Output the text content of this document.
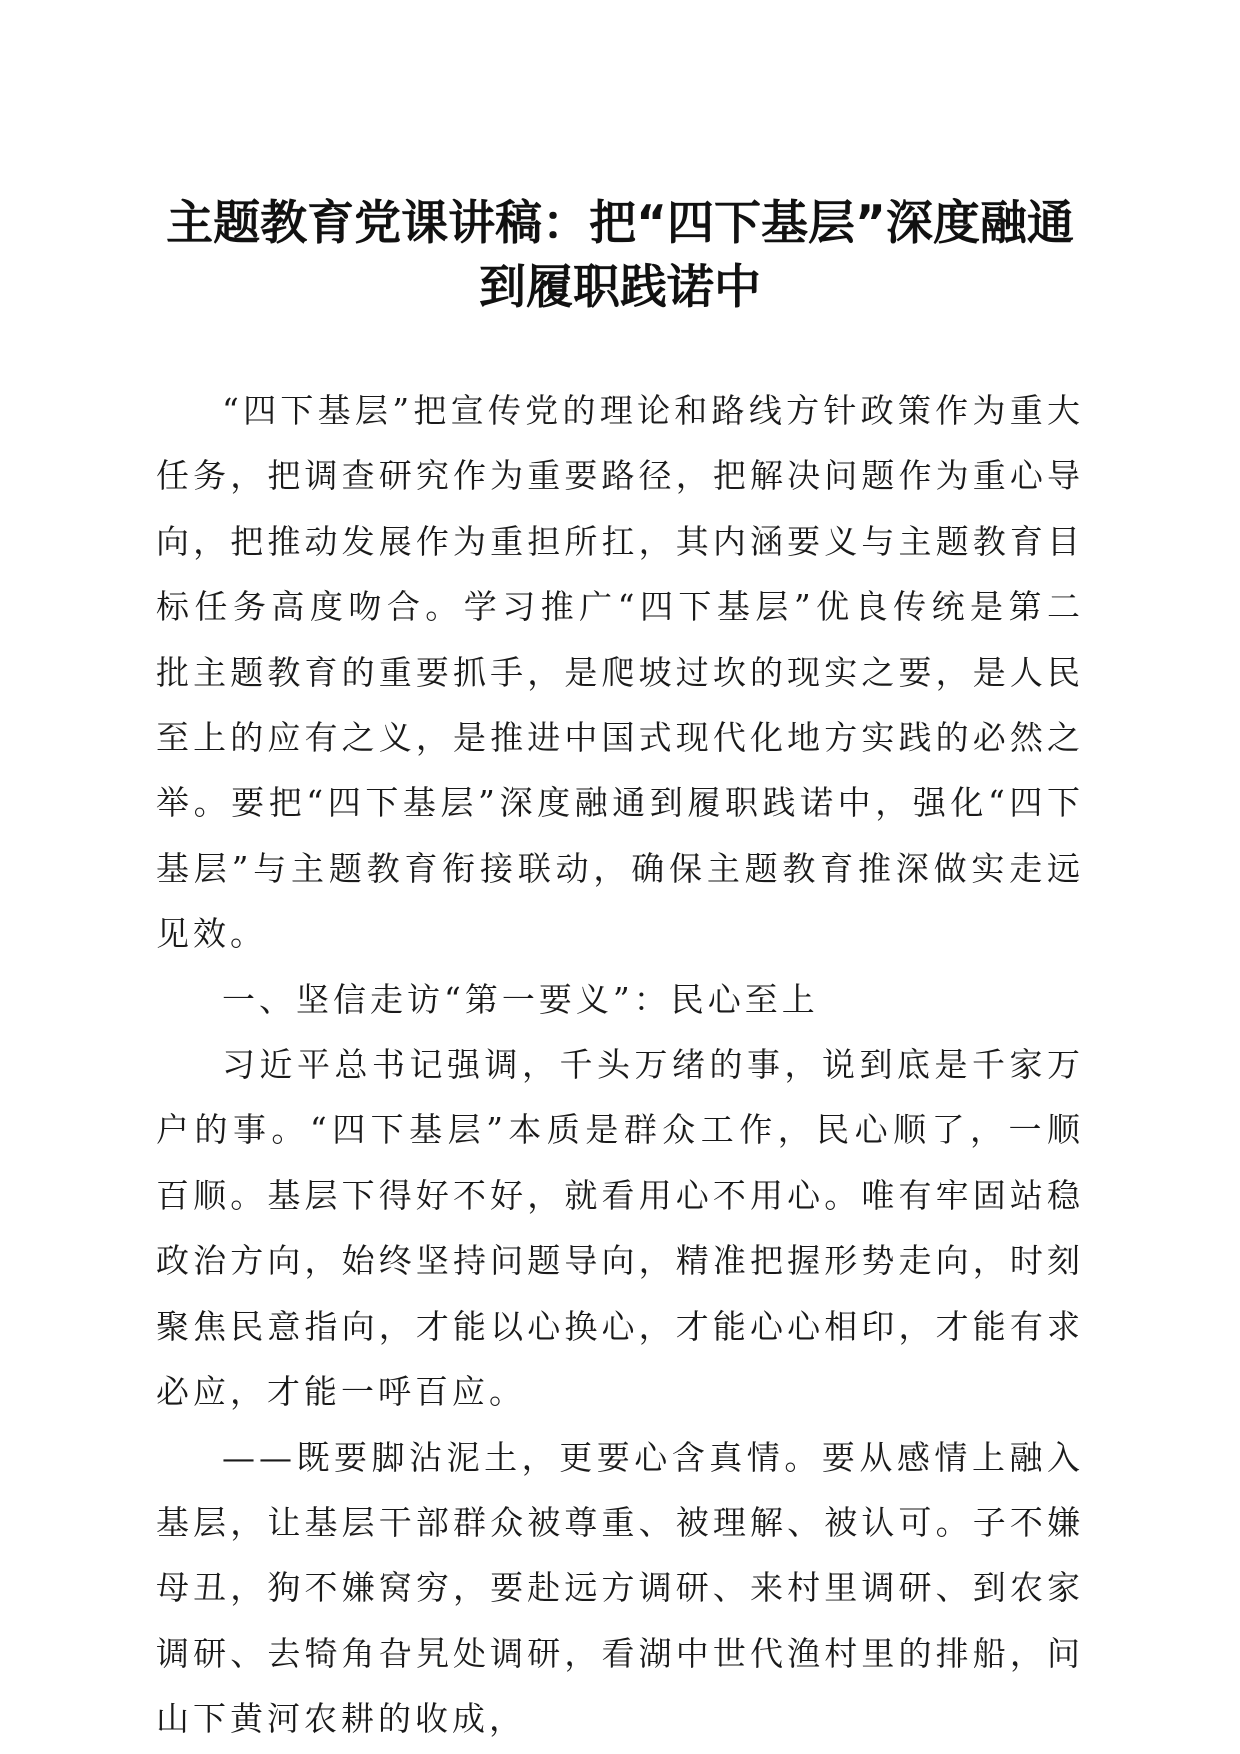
主题教育党课讲稿：把“四下基层”深度融通
到履职践诺中

“四下基层”把宣传党的理论和路线方针政策作为重大任务，把调查研究作为重要路径，把解决问题作为重心导向，把推动发展作为重担所扛，其内涵要义与主题教育目标任务高度吻合。学习推广“四下基层”优良传统是第二批主题教育的重要抓手，是爬坡过坎的现实之要，是人民至上的应有之义，是推进中国式现代化地方实践的必然之举。要把“四下基层”深度融通到履职践诺中，强化“四下基层”与主题教育衔接联动，确保主题教育推深做实走远见效。

一、坚信走访“第一要义”：民心至上

习近平总书记强调，千头万绪的事，说到底是千家万户的事。“四下基层”本质是群众工作，民心顺了，一顺百顺。基层下得好不好，就看用心不用心。唯有牢固站稳政治方向，始终坚持问题导向，精准把握形势走向，时刻聚焦民意指向，才能以心换心，才能心心相印，才能有求必应，才能一呼百应。

——既要脚沾泥土，更要心含真情。要从感情上融入基层，让基层干部群众被尊重、被理解、被认可。子不嫌母丑，狗不嫌窝穷，要赴远方调研、来村里调研、到农家调研、去犄角旮旯处调研，看湖中世代渔村里的排船，问山下黄河农耕的收成，
